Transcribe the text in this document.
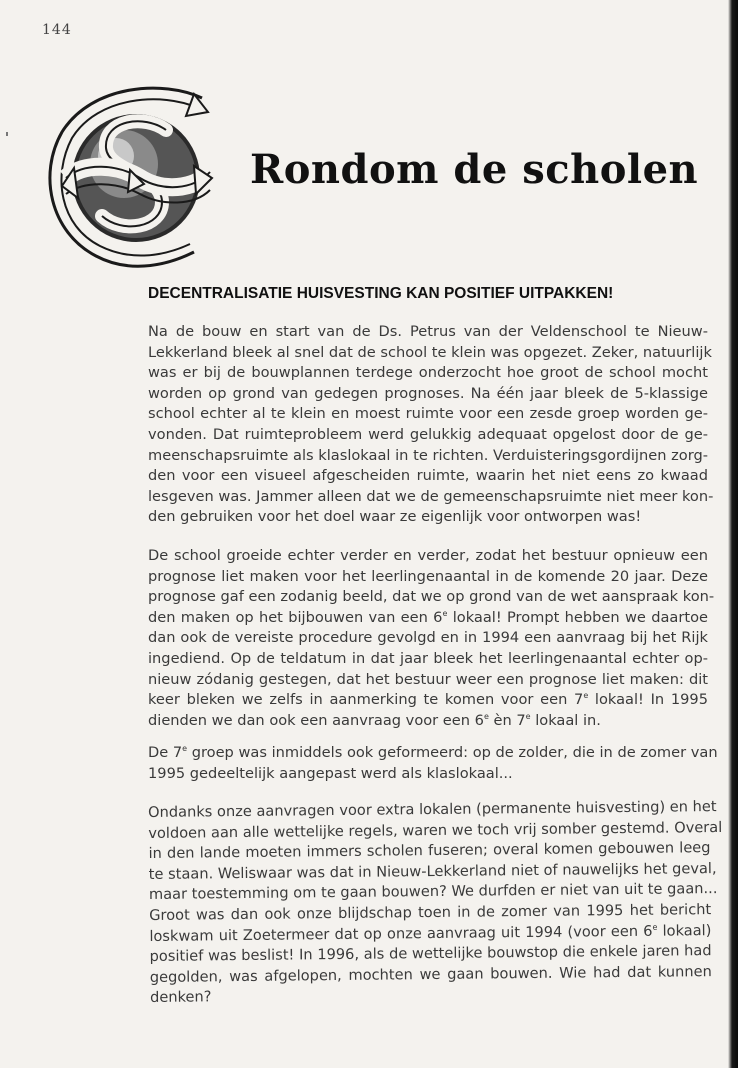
144
Rondom de scholen
DECENTRALISATIE HUISVESTING KAN POSITIEF UITPAKKEN!
Na de bouw en start van de Ds. Petrus van der Veldenschool te Nieuw-
Lekkerland bleek al snel dat de school te klein was opgezet. Zeker, natuurlijk
was er bij de bouwplannen terdege onderzocht hoe groot de school mocht
worden op grond van gedegen prognoses. Na één jaar bleek de 5-klassige
school echter al te klein en moest ruimte voor een zesde groep worden ge-
vonden. Dat ruimteprobleem werd gelukkig adequaat opgelost door de ge-
meenschapsruimte als klaslokaal in te richten. Verduisteringsgordijnen zorg-
den voor een visueel afgescheiden ruimte, waarin het niet eens zo kwaad
lesgeven was. Jammer alleen dat we de gemeenschapsruimte niet meer kon-
den gebruiken voor het doel waar ze eigenlijk voor ontworpen was!
De school groeide echter verder en verder, zodat het bestuur opnieuw een
prognose liet maken voor het leerlingenaantal in de komende 20 jaar. Deze
prognose gaf een zodanig beeld, dat we op grond van de wet aanspraak kon-
den maken op het bijbouwen van een 6e lokaal! Prompt hebben we daartoe
dan ook de vereiste procedure gevolgd en in 1994 een aanvraag bij het Rijk
ingediend. Op de teldatum in dat jaar bleek het leerlingenaantal echter op-
nieuw zódanig gestegen, dat het bestuur weer een prognose liet maken: dit
keer bleken we zelfs in aanmerking te komen voor een 7e lokaal! In 1995
dienden we dan ook een aanvraag voor een 6e èn 7e lokaal in.
De 7e groep was inmiddels ook geformeerd: op de zolder, die in de zomer van
1995 gedeeltelijk aangepast werd als klaslokaal...
Ondanks onze aanvragen voor extra lokalen (permanente huisvesting) en het
voldoen aan alle wettelijke regels, waren we toch vrij somber gestemd. Overal
in den lande moeten immers scholen fuseren; overal komen gebouwen leeg
te staan. Weliswaar was dat in Nieuw-Lekkerland niet of nauwelijks het geval,
maar toestemming om te gaan bouwen? We durfden er niet van uit te gaan...
Groot was dan ook onze blijdschap toen in de zomer van 1995 het bericht
loskwam uit Zoetermeer dat op onze aanvraag uit 1994 (voor een 6e lokaal)
positief was beslist! In 1996, als de wettelijke bouwstop die enkele jaren had
gegolden, was afgelopen, mochten we gaan bouwen. Wie had dat kunnen
denken?
